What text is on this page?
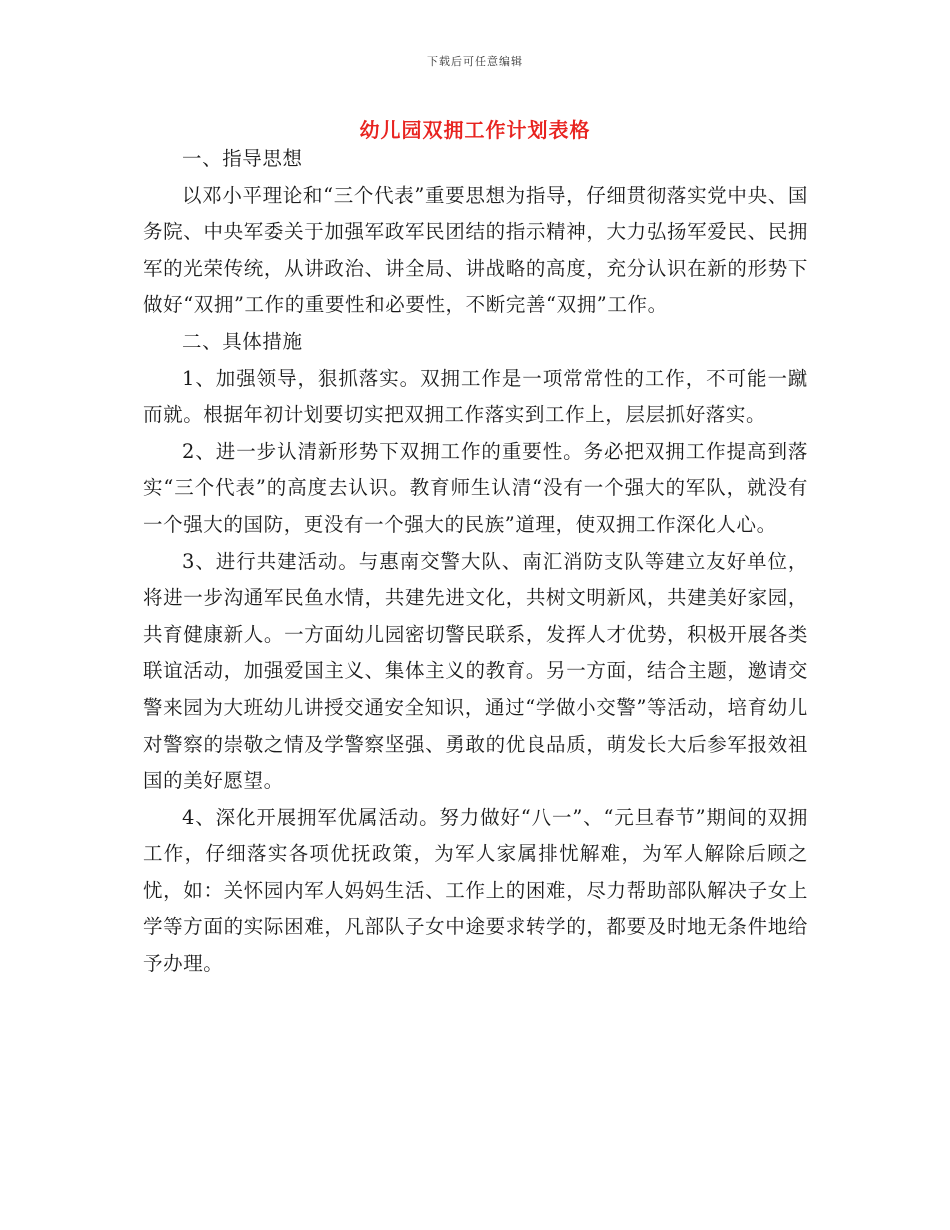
下载后可任意编辑
幼儿园双拥工作计划表格

一、指导思想

以邓小平理论和“三个代表”重要思想为指导，仔细贯彻落实党中央、国务院、中央军委关于加强军政军民团结的指示精神，大力弘扬军爱民、民拥军的光荣传统，从讲政治、讲全局、讲战略的高度，充分认识在新的形势下做好“双拥”工作的重要性和必要性，不断完善“双拥”工作。

二、具体措施

1、加强领导，狠抓落实。双拥工作是一项常常性的工作，不可能一蹴而就。根据年初计划要切实把双拥工作落实到工作上，层层抓好落实。

2、进一步认清新形势下双拥工作的重要性。务必把双拥工作提高到落实“三个代表”的高度去认识。教育师生认清“没有一个强大的军队，就没有一个强大的国防，更没有一个强大的民族”道理，使双拥工作深化人心。

3、进行共建活动。与惠南交警大队、南汇消防支队等建立友好单位，将进一步沟通军民鱼水情，共建先进文化，共树文明新风，共建美好家园，共育健康新人。一方面幼儿园密切警民联系，发挥人才优势，积极开展各类联谊活动，加强爱国主义、集体主义的教育。另一方面，结合主题，邀请交警来园为大班幼儿讲授交通安全知识，通过“学做小交警”等活动，培育幼儿对警察的崇敬之情及学警察坚强、勇敢的优良品质，萌发长大后参军报效祖国的美好愿望。

4、深化开展拥军优属活动。努力做好“八一”、“元旦春节”期间的双拥工作，仔细落实各项优抚政策，为军人家属排忧解难，为军人解除后顾之忧，如：关怀园内军人妈妈生活、工作上的困难，尽力帮助部队解决子女上学等方面的实际困难，凡部队子女中途要求转学的，都要及时地无条件地给予办理。
